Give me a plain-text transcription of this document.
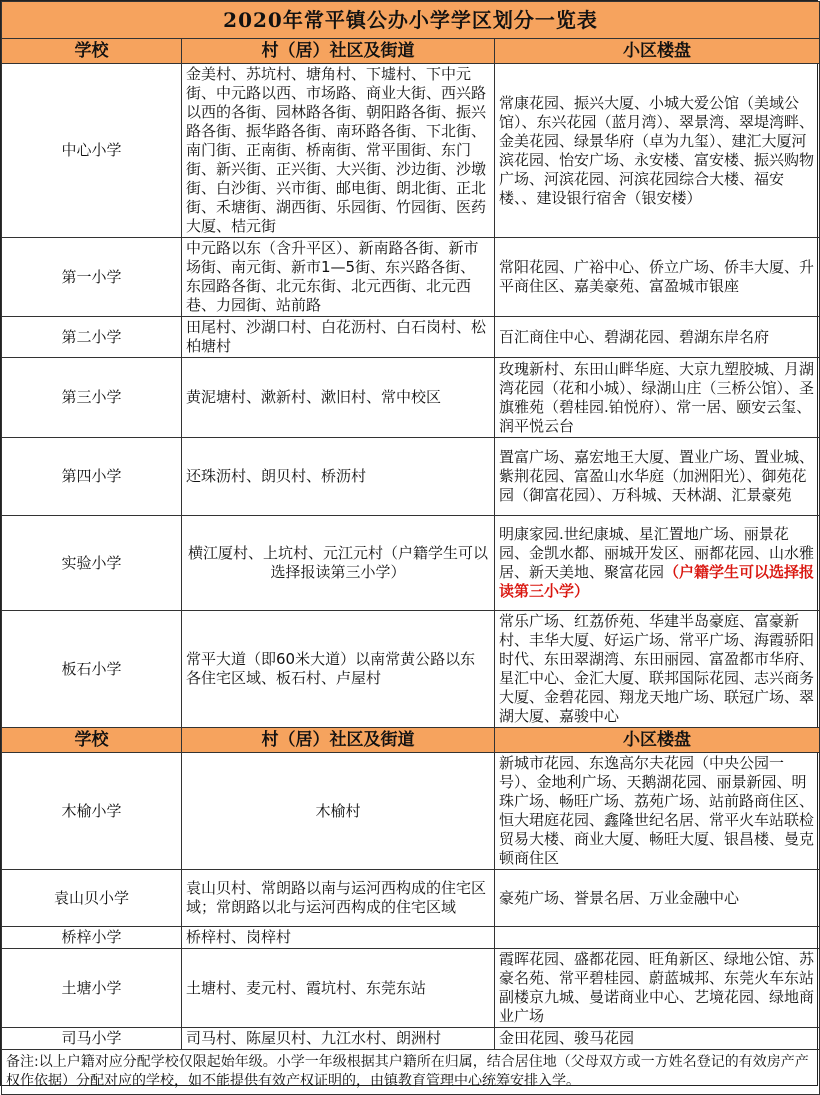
2020年常平镇公办小学学区划分一览表		
学校	村（居）社区及街道	小区楼盘
中心小学	金美村、苏坑村、塘角村、下墟村、下中元街、中元路以西、市场路、商业大街、西兴路以西的各街、园林路各街、朝阳路各街、振兴路各街、振华路各街、南环路各街、下北街、南门街、正南街、桥南街、常平围街、东门街、新兴街、正兴街、大兴街、沙边街、沙墩街、白沙街、兴市街、邮电街、朗北街、正北街、禾塘街、湖西街、乐园街、竹园街、医药大厦、桔元街	常康花园、振兴大厦、小城大爱公馆（美域公馆）、东兴花园（蓝月湾）、翠景湾、翠堤湾畔、金美花园、绿景华府（卓为九玺）、建汇大厦河滨花园、怡安广场、永安楼、富安楼、振兴购物广场、河滨花园、河滨花园综合大楼、福安楼、、建设银行宿舍（银安楼）
第一小学	中元路以东（含升平区）、新南路各街、新市场街、南元街、新市1—5街、东兴路各街、东园路各街、北元东街、北元西街、北元西巷、力园街、站前路	常阳花园、广裕中心、侨立广场、侨丰大厦、升平商住区、嘉美豪苑、富盈城市银座
第二小学	田尾村、沙湖口村、白花沥村、白石岗村、松柏塘村	百汇商住中心、碧湖花园、碧湖东岸名府
第三小学	黄泥塘村、漱新村、漱旧村、常中校区	玫瑰新村、东田山畔华庭、大京九塑胶城、月湖湾花园（花和小城）、绿湖山庄（三桥公馆）、圣旗雅苑（碧桂园.铂悦府）、常一居、颐安云玺、润平悦云台
第四小学	还珠沥村、朗贝村、桥沥村	置富广场、嘉宏地王大厦、置业广场、置业城、紫荆花园、富盈山水华庭（加洲阳光）、御苑花园（御富花园）、万科城、天林湖、汇景豪苑
实验小学	横江厦村、上坑村、元江元村（户籍学生可以选择报读第三小学）	明康家园.世纪康城、星汇置地广场、丽景花园、金凯水都、丽城开发区、丽都花园、山水雅居、新天美地、聚富花园（户籍学生可以选择报读第三小学）
板石小学	常平大道（即60米大道）以南常黄公路以东各住宅区域、板石村、卢屋村	常乐广场、红荔侨苑、华建半岛豪庭、富豪新村、丰华大厦、好运广场、常平广场、海霞骄阳时代、东田翠湖湾、东田丽园、富盈都市华府、星汇中心、金汇大厦、联邦国际花园、志兴商务大厦、金碧花园、翔龙天地广场、联冠广场、翠湖大厦、嘉骏中心
学校	村（居）社区及街道	小区楼盘
木榆小学	木榆村	新城市花园、东逸高尔夫花园（中央公园一号）、金地利广场、天鹅湖花园、丽景新园、明珠广场、畅旺广场、荔苑广场、站前路商住区、恒大珺庭花园、鑫隆世纪名居、常平火车站联检贸易大楼、商业大厦、畅旺大厦、银昌楼、曼克顿商住区
袁山贝小学	袁山贝村、常朗路以南与运河西构成的住宅区域；常朗路以北与运河西构成的住宅区域	豪苑广场、誉景名居、万业金融中心
桥梓小学	桥梓村、岗梓村	
土塘小学	土塘村、麦元村、霞坑村、东莞东站	霞晖花园、盛都花园、旺角新区、绿地公馆、苏豪名苑、常平碧桂园、蔚蓝城邦、东莞火车东站副楼京九城、曼诺商业中心、艺境花园、绿地商业广场
司马小学	司马村、陈屋贝村、九江水村、朗洲村	金田花园、骏马花园
备注:以上户籍对应分配学校仅限起始年级。小学一年级根据其户籍所在归属，结合居住地（父母双方或一方姓名登记的有效房产产权作依据）分配对应的学校，如不能提供有效产权证明的，由镇教育管理中心统筹安排入学。		
